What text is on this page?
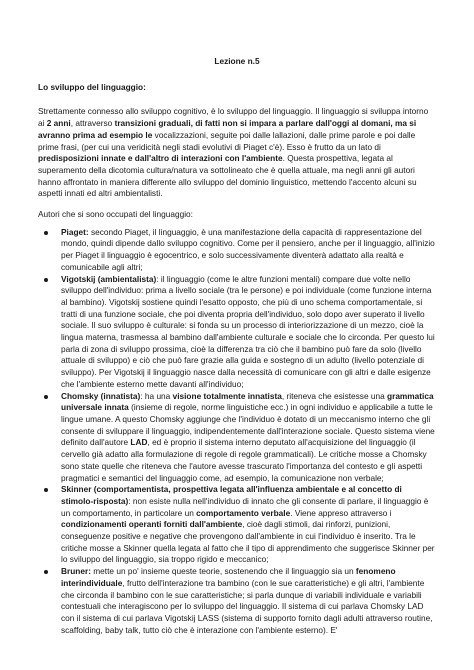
Lezione n.5
Lo sviluppo del linguaggio:

Strettamente connesso allo sviluppo cognitivo, è lo sviluppo del linguaggio. Il linguaggio si sviluppa intorno ai 2 anni, attraverso transizioni graduali, di fatti non si impara a parlare dall'oggi al domani, ma si avranno prima ad esempio le vocalizzazioni, seguite poi dalle lallazioni, dalle prime parole e poi dalle prime frasi, (per cui una veridicità negli stadi evolutivi di Piaget c'è). Esso è frutto da un lato di predisposizioni innate e dall'altro di interazioni con l'ambiente. Questa prospettiva, legata al superamento della dicotomia cultura/natura va sottolineato che è quella attuale, ma negli anni gli autori hanno affrontato in maniera differente allo sviluppo del dominio linguistico, mettendo l'accento alcuni su aspetti innati ed altri ambientalisti.

Autori che si sono occupati del linguaggio:

Piaget: secondo Piaget, il linguaggio, è una manifestazione della capacità di rappresentazione del mondo, quindi dipende dallo sviluppo cognitivo. Come per il pensiero, anche per il linguaggio, all'inizio per Piaget il linguaggio è egocentrico, e solo successivamente diventerà adattato alla realtà e comunicabile agli altri;
Vigotskij (ambientalista): il linguaggio (come le altre funzioni mentali) compare due volte nello sviluppo dell'individuo: prima a livello sociale (tra le persone) e poi individuale (come funzione interna al bambino). Vigotskij sostiene quindi l'esatto opposto, che più di uno schema comportamentale, si tratti di una funzione sociale, che poi diventa propria dell'individuo, solo dopo aver superato il livello sociale. Il suo sviluppo è culturale: si fonda su un processo di interiorizzazione di un mezzo, cioè la lingua materna, trasmessa al bambino dall'ambiente culturale e sociale che lo circonda. Per questo lui parla di zona di sviluppo prossima, cioè la differenza tra ciò che il bambino può fare da solo (livello attuale di sviluppo) e ciò che può fare grazie alla guida e sostegno di un adulto (livello potenziale di sviluppo). Per Vigotskij il linguaggio nasce dalla necessità di comunicare con gli altri e dalle esigenze che l'ambiente esterno mette davanti all'individuo;
Chomsky (innatista): ha una visione totalmente innatista, riteneva che esistesse una grammatica universale innata (insieme di regole, norme linguistiche ecc.) in ogni individuo e applicabile a tutte le lingue umane. A questo Chomsky aggiunge che l'individuo è dotato di un meccanismo interno che gli consente di sviluppare il linguaggio, indipendentemente dall'interazione sociale. Questo sistema viene definito dall'autore LAD, ed è proprio il sistema interno deputato all'acquisizione del linguaggio (il cervello già adatto alla formulazione di regole di regole grammaticali). Le critiche mosse a Chomsky sono state quelle che riteneva che l'autore avesse trascurato l'importanza del contesto e gli aspetti pragmatici e semantici del linguaggio come, ad esempio, la comunicazione non verbale;
Skinner (comportamentista, prospettiva legata all'influenza ambientale e al concetto di stimolo-risposta): non esiste nulla nell'individuo di innato che gli consente di parlare, il linguaggio è un comportamento, in particolare un comportamento verbale. Viene appreso attraverso i condizionamenti operanti forniti dall'ambiente, cioè dagli stimoli, dai rinforzi, punizioni, conseguenze positive e negative che provengono dall'ambiente in cui l'individuo è inserito. Tra le critiche mosse a Skinner quella legata al fatto che il tipo di apprendimento che suggerisce Skinner per lo sviluppo del linguaggio, sia troppo rigido e meccanico;
Bruner: mette un po' insieme queste teorie, sostenendo che il linguaggio sia un fenomeno interindividuale, frutto dell'interazione tra bambino (con le sue caratteristiche) e gli altri, l'ambiente che circonda il bambino con le sue caratteristiche; si parla dunque di variabili individuale e variabili contestuali che interagiscono per lo sviluppo del linguaggio. Il sistema di cui parlava Chomsky LAD con il sistema di cui parlava Vigotskij LASS (sistema di supporto fornito dagli adulti attraverso routine, scaffolding, baby talk, tutto ciò che è interazione con l'ambiente esterno). E'
